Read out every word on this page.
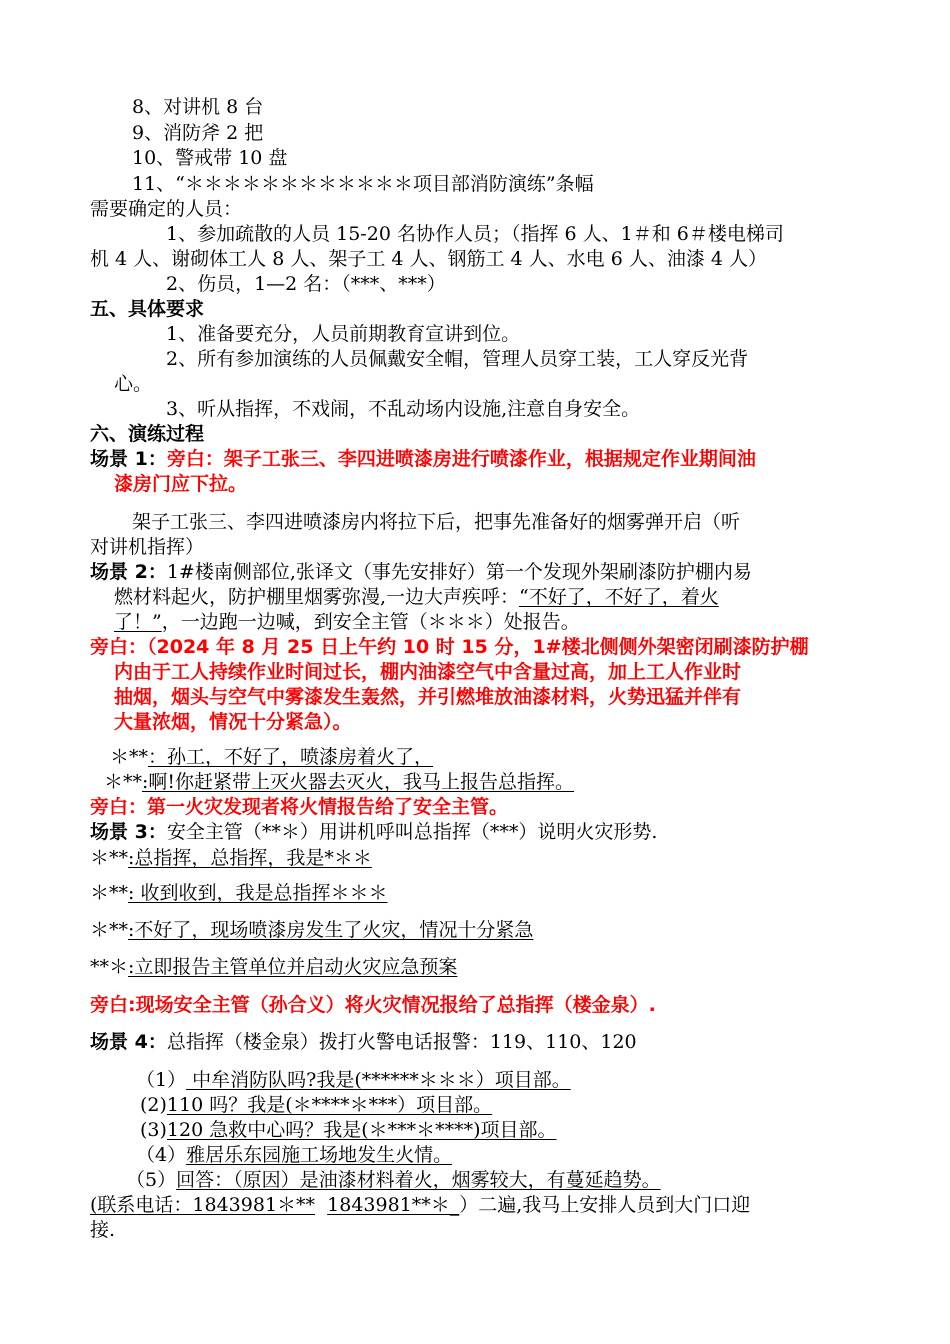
8、对讲机 8 台
9、消防斧 2 把
10、警戒带 10 盘
11、“＊＊＊＊＊＊＊＊＊＊＊＊项目部消防演练”条幅
需要确定的人员：
1、参加疏散的人员 15-20 名协作人员；（指挥 6 人、1＃和 6＃楼电梯司
机 4 人、谢砌体工人 8 人、架子工 4 人、钢筋工 4 人、水电 6 人、油漆 4 人）
2、伤员，1—2 名：（***、***）
五、具体要求
1、准备要充分，人员前期教育宣讲到位。
2、所有参加演练的人员佩戴安全帽，管理人员穿工装，工人穿反光背
心。
3、听从指挥，不戏闹，不乱动场内设施,注意自身安全。
六、演练过程
场景 1：旁白：架子工张三、李四进喷漆房进行喷漆作业，根据规定作业期间油
漆房门应下拉。
架子工张三、李四进喷漆房内将拉下后，把事先准备好的烟雾弹开启（听
对讲机指挥）
场景 2：1#楼南侧部位,张译文（事先安排好）第一个发现外架刷漆防护棚内易
燃材料起火，防护棚里烟雾弥漫,一边大声疾呼：“不好了，不好了，着火
了！”，一边跑一边喊，到安全主管（＊＊＊）处报告。
旁白：（2024 年 8 月 25 日上午约 10 时 15 分，1#楼北侧侧外架密闭刷漆防护棚
内由于工人持续作业时间过长，棚内油漆空气中含量过高，加上工人作业时
抽烟，烟头与空气中雾漆发生轰然，并引燃堆放油漆材料，火势迅猛并伴有
大量浓烟，情况十分紧急）。
＊**：孙工，不好了，喷漆房着火了，
＊**:啊!你赶紧带上灭火器去灭火，我马上报告总指挥。
旁白：第一火灾发现者将火情报告给了安全主管。
场景 3：安全主管（**＊）用讲机呼叫总指挥（***）说明火灾形势.
＊**:总指挥，总指挥，我是*＊＊
＊**: 收到收到，我是总指挥＊＊＊
＊**:不好了，现场喷漆房发生了火灾，情况十分紧急
**＊:立即报告主管单位并启动火灾应急预案
旁白:现场安全主管（孙合义）将火灾情况报给了总指挥（楼金泉）.
场景 4：总指挥（楼金泉）拨打火警电话报警：119、110、120
（1） 中牟消防队吗?我是(******＊＊＊）项目部。
(2)110 吗？我是(＊****＊***）项目部。
(3)120 急救中心吗？我是(＊***＊****)项目部。
（4）雅居乐东园施工场地发生火情。
（5）回答：（原因）是油漆材料着火，烟雾较大，有蔓延趋势。
(联系电话：1843981＊** 1843981**＊_）二遍,我马上安排人员到大门口迎
接.
